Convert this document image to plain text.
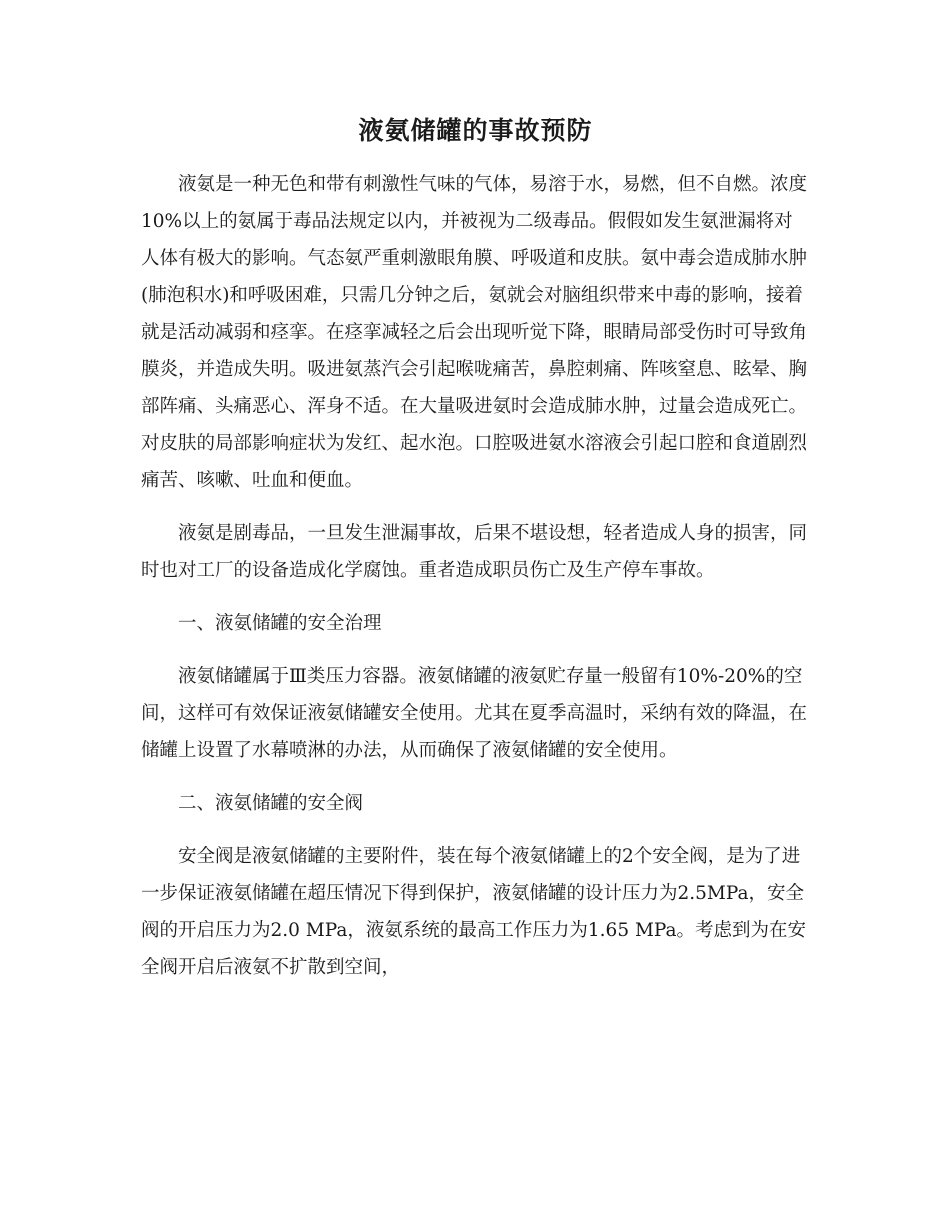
液氨储罐的事故预防

液氨是一种无色和带有刺激性气味的气体，易溶于水，易燃，但不自燃。浓度10%以上的氨属于毒品法规定以内，并被视为二级毒品。假假如发生氨泄漏将对人体有极大的影响。气态氨严重刺激眼角膜、呼吸道和皮肤。氨中毒会造成肺水肿(肺泡积水)和呼吸困难，只需几分钟之后，氨就会对脑组织带来中毒的影响，接着就是活动减弱和痉挛。在痉挛减轻之后会出现听觉下降，眼睛局部受伤时可导致角膜炎，并造成失明。吸进氨蒸汽会引起喉咙痛苦，鼻腔刺痛、阵咳窒息、眩晕、胸部阵痛、头痛恶心、浑身不适。在大量吸进氨时会造成肺水肿，过量会造成死亡。对皮肤的局部影响症状为发红、起水泡。口腔吸进氨水溶液会引起口腔和食道剧烈痛苦、咳嗽、吐血和便血。

液氨是剧毒品，一旦发生泄漏事故，后果不堪设想，轻者造成人身的损害，同时也对工厂的设备造成化学腐蚀。重者造成职员伤亡及生产停车事故。

一、液氨储罐的安全治理

液氨储罐属于Ⅲ类压力容器。液氨储罐的液氨贮存量一般留有10%-20%的空间，这样可有效保证液氨储罐安全使用。尤其在夏季高温时，采纳有效的降温，在储罐上设置了水幕喷淋的办法，从而确保了液氨储罐的安全使用。

二、液氨储罐的安全阀

安全阀是液氨储罐的主要附件，装在每个液氨储罐上的2个安全阀，是为了进一步保证液氨储罐在超压情况下得到保护，液氨储罐的设计压力为2.5MPa，安全阀的开启压力为2.0 MPa，液氨系统的最高工作压力为1.65 MPa。考虑到为在安全阀开启后液氨不扩散到空间，
